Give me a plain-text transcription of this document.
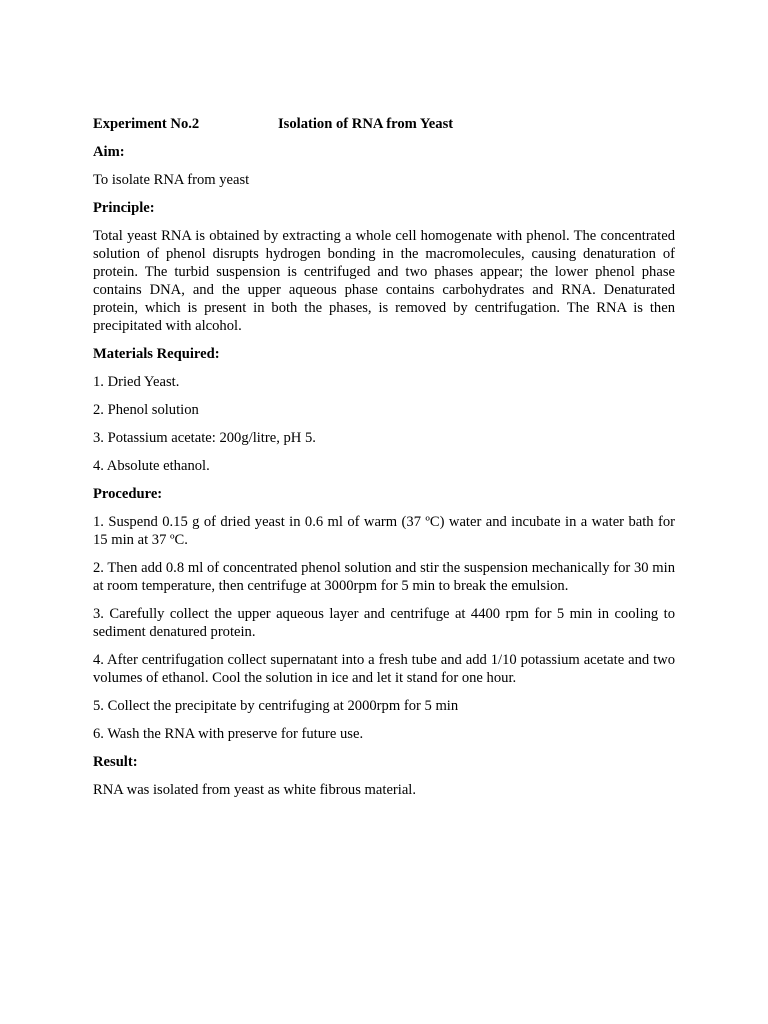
Experiment No.2	Isolation of RNA from Yeast

Aim:

To isolate RNA from yeast

Principle:

Total yeast RNA is obtained by extracting a whole cell homogenate with phenol. The concentrated solution of phenol disrupts hydrogen bonding in the macromolecules, causing denaturation of protein. The turbid suspension is centrifuged and two phases appear; the lower phenol phase contains DNA, and the upper aqueous phase contains carbohydrates and RNA. Denaturated protein, which is present in both the phases, is removed by centrifugation. The RNA is then precipitated with alcohol.

Materials Required:

1. Dried Yeast.

2. Phenol solution

3. Potassium acetate: 200g/litre, pH 5.

4. Absolute ethanol.

Procedure:

1. Suspend 0.15 g of dried yeast in 0.6 ml of warm (37 ºC) water and incubate in a water bath for 15 min at 37 ºC.

2. Then add 0.8 ml of concentrated phenol solution and stir the suspension mechanically for 30 min at room temperature, then centrifuge at 3000rpm for 5 min to break the emulsion.

3. Carefully collect the upper aqueous layer and centrifuge at 4400 rpm for 5 min in cooling to sediment denatured protein.

4. After centrifugation collect supernatant into a fresh tube and add 1/10 potassium acetate and two volumes of ethanol. Cool the solution in ice and let it stand for one hour.

5. Collect the precipitate by centrifuging at 2000rpm for 5 min

6. Wash the RNA with preserve for future use.

Result:

RNA was isolated from yeast as white fibrous material.
